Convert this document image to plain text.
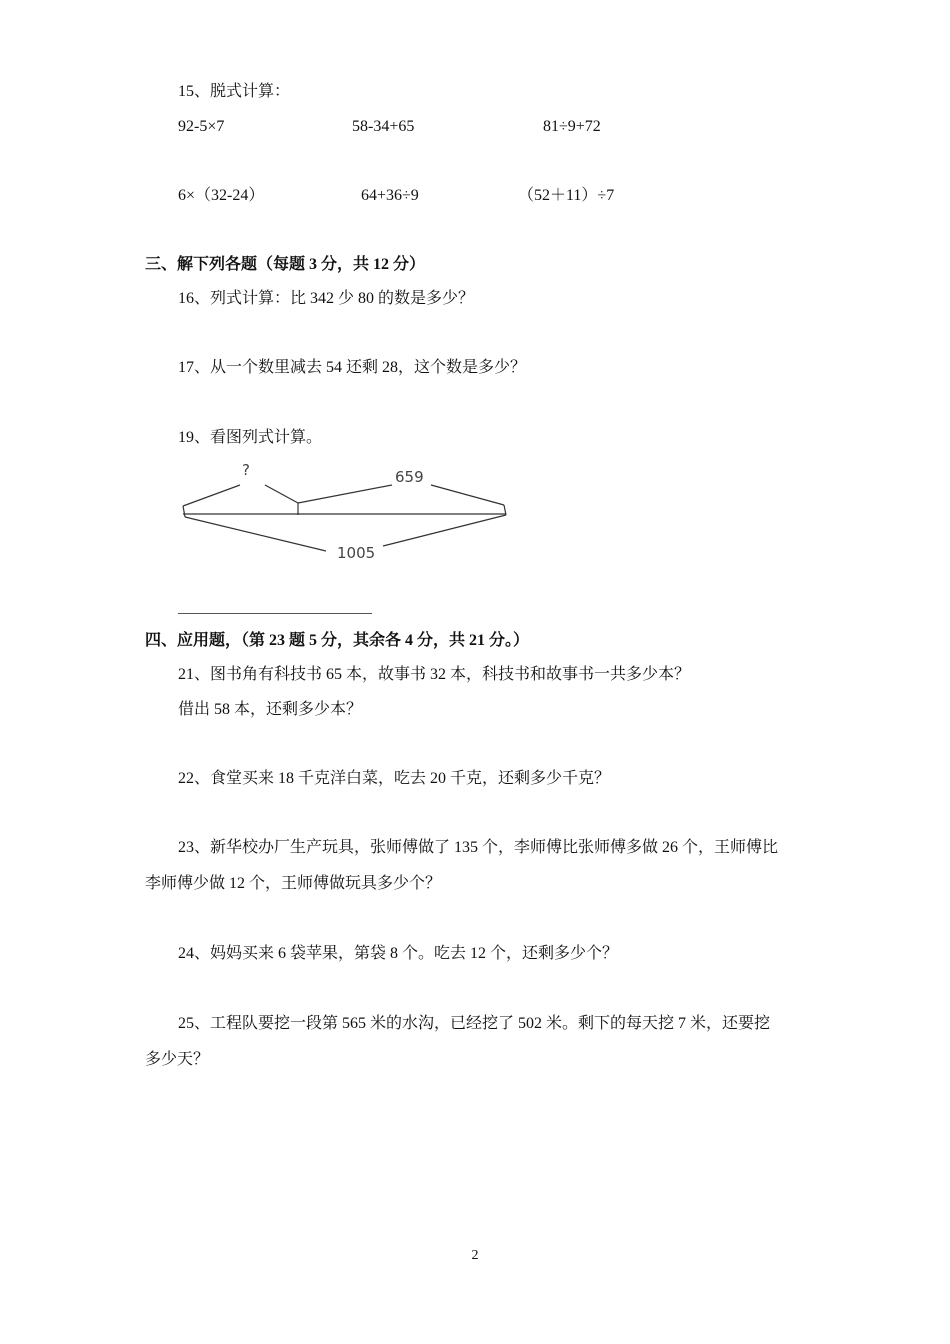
15、脱式计算：
92-5×7	58-34+65	81÷9+72
6×（32-24）	64+36÷9	（52＋11）÷7
三、解下列各题（每题 3 分，共 12 分）
16、列式计算：比 342 少 80 的数是多少？
17、从一个数里减去 54 还剩 28，这个数是多少？
19、看图列式计算。
?	659
1005
四、应用题，（第 23 题 5 分，其余各 4 分，共 21 分。）
21、图书角有科技书 65 本，故事书 32 本，科技书和故事书一共多少本？
借出 58 本，还剩多少本？
22、食堂买来 18 千克洋白菜，吃去 20 千克，还剩多少千克？
23、新华校办厂生产玩具，张师傅做了 135 个，李师傅比张师傅多做 26 个，王师傅比
李师傅少做 12 个，王师傅做玩具多少个？
24、妈妈买来 6 袋苹果，第袋 8 个。吃去 12 个，还剩多少个？
25、工程队要挖一段第 565 米的水沟，已经挖了 502 米。剩下的每天挖 7 米，还要挖
多少天？
2
